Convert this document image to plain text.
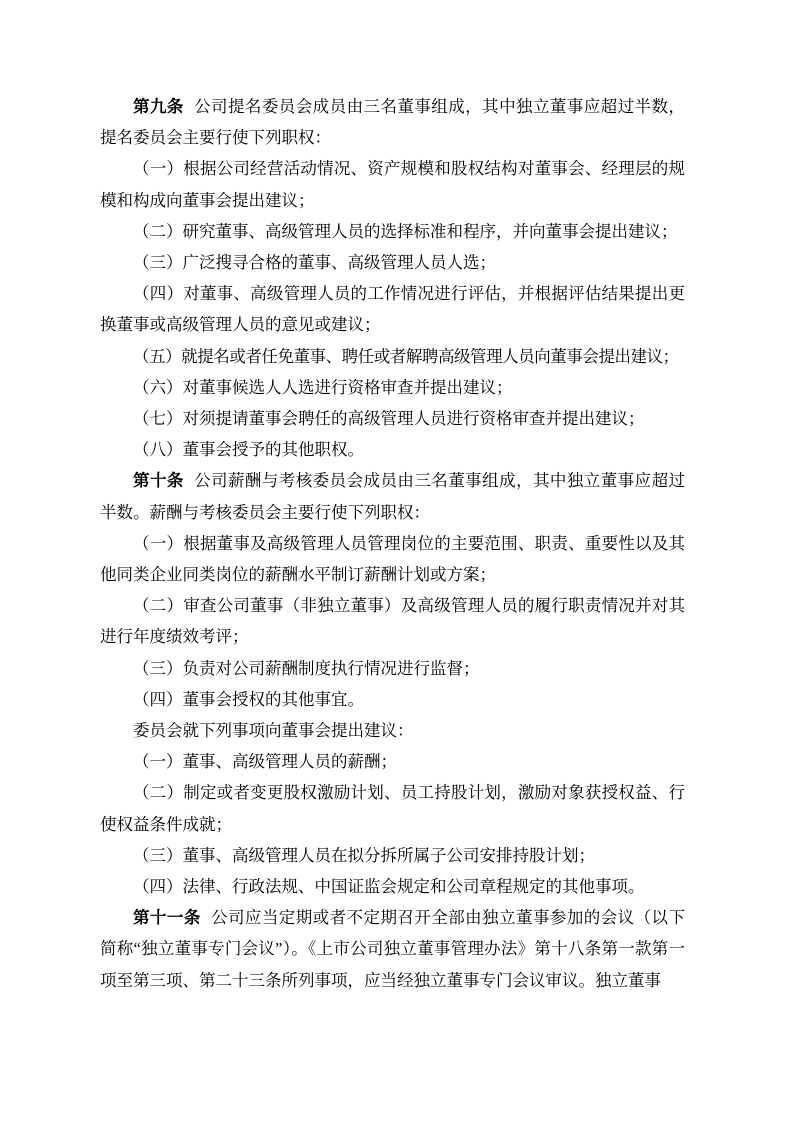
第九条 公司提名委员会成员由三名董事组成，其中独立董事应超过半数，提名委员会主要行使下列职权：

（一）根据公司经营活动情况、资产规模和股权结构对董事会、经理层的规模和构成向董事会提出建议；

（二）研究董事、高级管理人员的选择标准和程序，并向董事会提出建议；

（三）广泛搜寻合格的董事、高级管理人员人选；

（四）对董事、高级管理人员的工作情况进行评估，并根据评估结果提出更换董事或高级管理人员的意见或建议；

（五）就提名或者任免董事、聘任或者解聘高级管理人员向董事会提出建议；

（六）对董事候选人人选进行资格审查并提出建议；

（七）对须提请董事会聘任的高级管理人员进行资格审查并提出建议；

（八）董事会授予的其他职权。

第十条 公司薪酬与考核委员会成员由三名董事组成，其中独立董事应超过半数。薪酬与考核委员会主要行使下列职权：

（一）根据董事及高级管理人员管理岗位的主要范围、职责、重要性以及其他同类企业同类岗位的薪酬水平制订薪酬计划或方案；

（二）审查公司董事（非独立董事）及高级管理人员的履行职责情况并对其进行年度绩效考评；

（三）负责对公司薪酬制度执行情况进行监督；

（四）董事会授权的其他事宜。

委员会就下列事项向董事会提出建议：

（一）董事、高级管理人员的薪酬；

（二）制定或者变更股权激励计划、员工持股计划，激励对象获授权益、行使权益条件成就；

（三）董事、高级管理人员在拟分拆所属子公司安排持股计划；

（四）法律、行政法规、中国证监会规定和公司章程规定的其他事项。

第十一条 公司应当定期或者不定期召开全部由独立董事参加的会议（以下简称“独立董事专门会议”）。《上市公司独立董事管理办法》第十八条第一款第一项至第三项、第二十三条所列事项，应当经独立董事专门会议审议。独立董事
